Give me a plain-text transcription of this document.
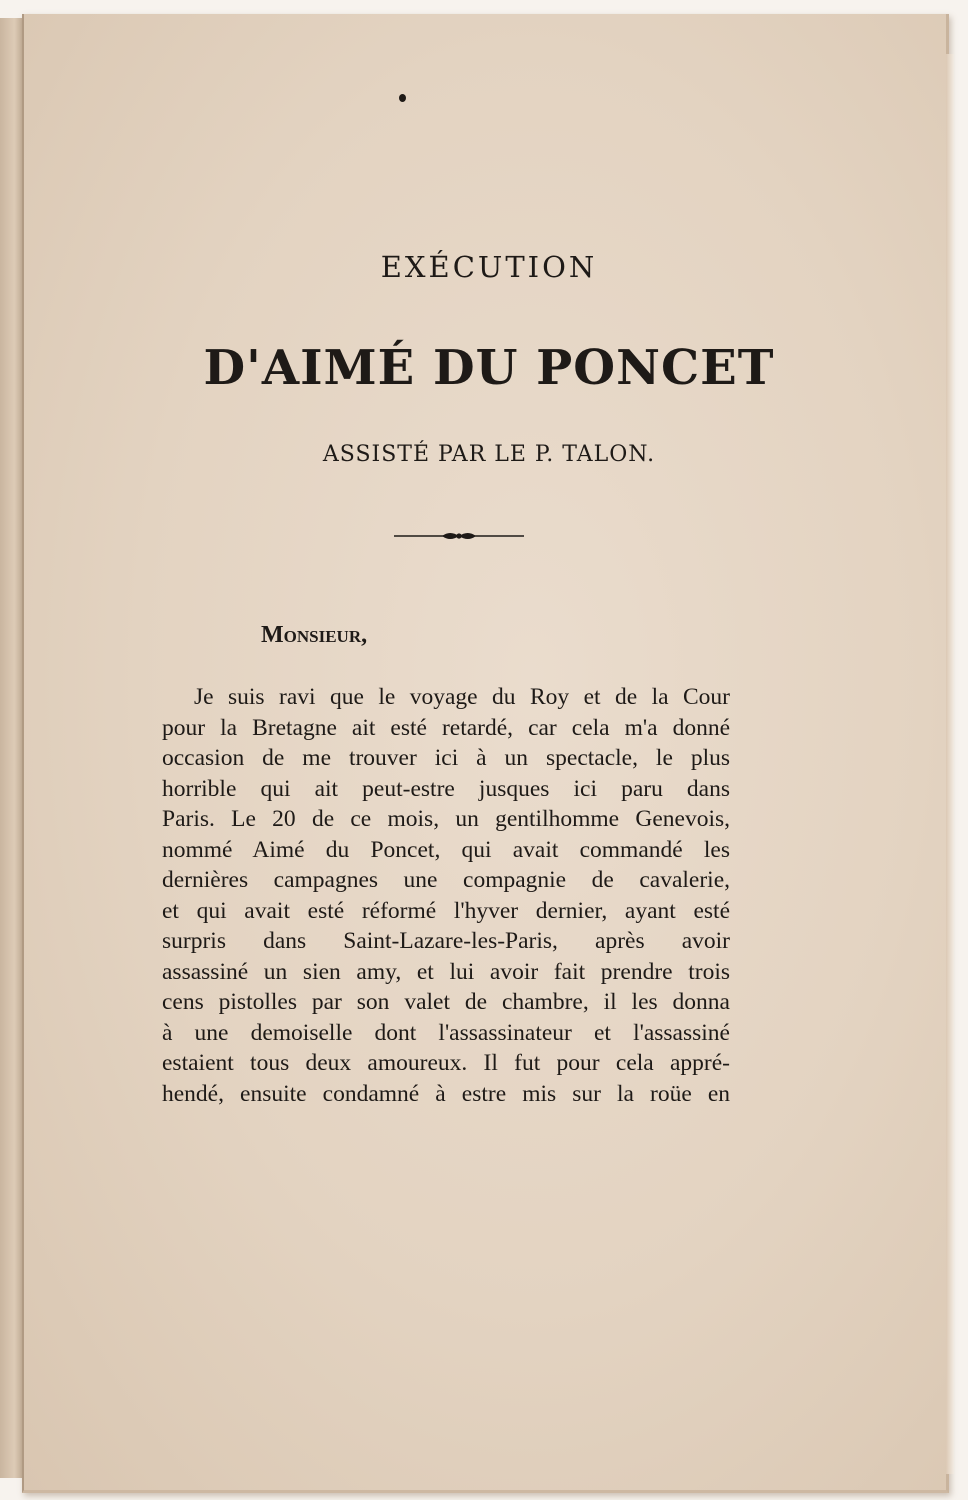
EXÉCUTION
D'AIMÉ DU PONCET
ASSISTÉ PAR LE P. TALON.
Monsieur,
Je suis ravi que le voyage du Roy et de la Cour
pour la Bretagne ait esté retardé, car cela m'a donné
occasion de me trouver ici à un spectacle, le plus
horrible qui ait peut-estre jusques ici paru dans
Paris. Le 20 de ce mois, un gentilhomme Genevois,
nommé Aimé du Poncet, qui avait commandé les
dernières campagnes une compagnie de cavalerie,
et qui avait esté réformé l'hyver dernier, ayant esté
surpris dans Saint-Lazare-les-Paris, après avoir
assassiné un sien amy, et lui avoir fait prendre trois
cens pistolles par son valet de chambre, il les donna
à une demoiselle dont l'assassinateur et l'assassiné
estaient tous deux amoureux. Il fut pour cela appré-
hendé, ensuite condamné à estre mis sur la roüe en
